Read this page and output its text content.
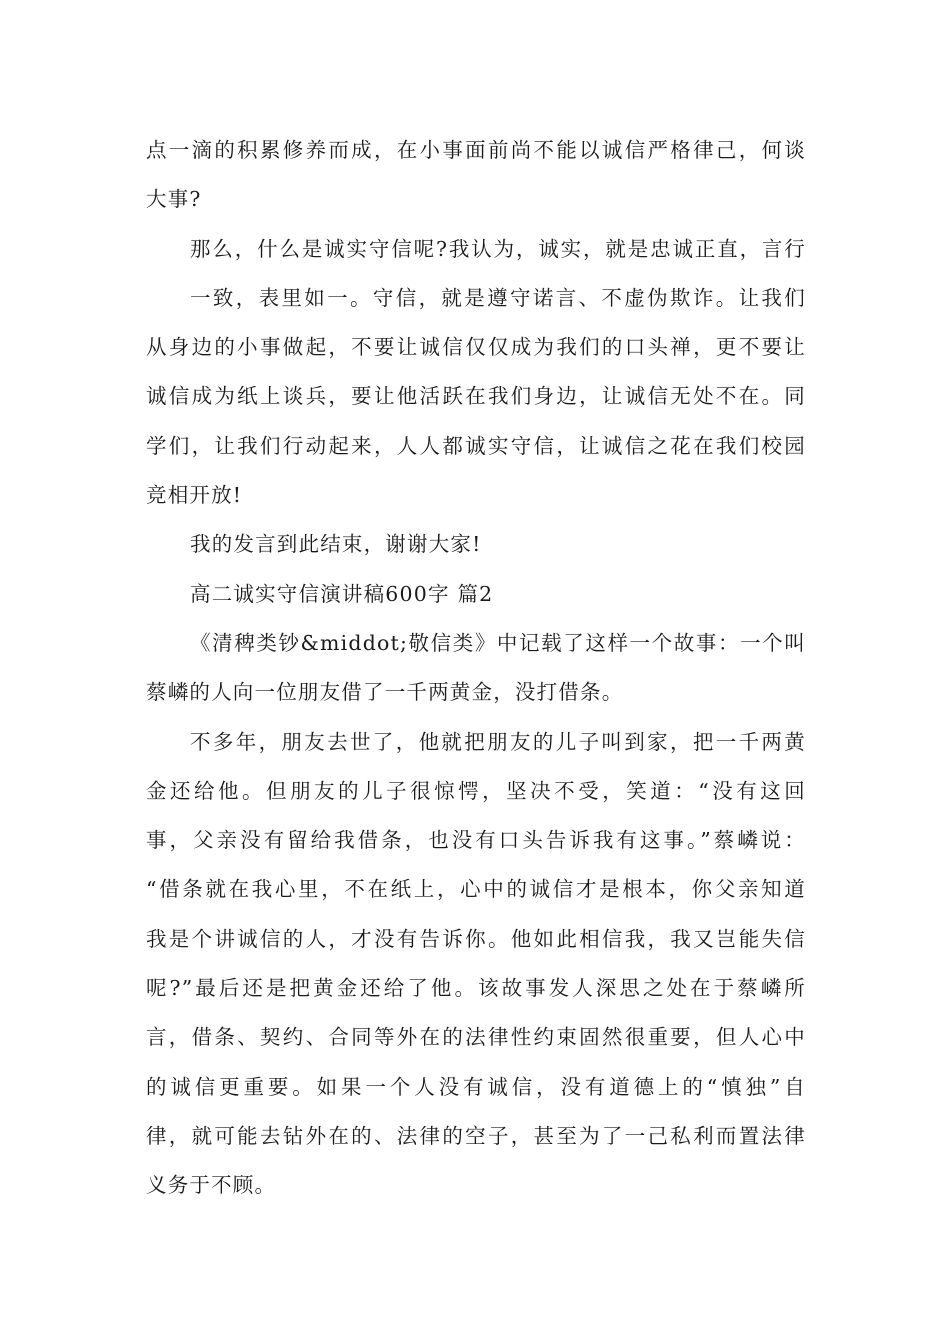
点一滴的积累修养而成，在小事面前尚不能以诚信严格律己，何谈
大事?
那么，什么是诚实守信呢?我认为，诚实，就是忠诚正直，言行
一致，表里如一。守信，就是遵守诺言、不虚伪欺诈。让我们
从身边的小事做起，不要让诚信仅仅成为我们的口头禅，更不要让
诚信成为纸上谈兵，要让他活跃在我们身边，让诚信无处不在。同
学们，让我们行动起来，人人都诚实守信，让诚信之花在我们校园
竞相开放!
我的发言到此结束，谢谢大家!
高二诚实守信演讲稿600字 篇2
《清稗类钞&middot;敬信类》中记载了这样一个故事：一个叫
蔡嶙的人向一位朋友借了一千两黄金，没打借条。
不多年，朋友去世了，他就把朋友的儿子叫到家，把一千两黄
金还给他。但朋友的儿子很惊愕，坚决不受，笑道：“没有这回
事，父亲没有留给我借条，也没有口头告诉我有这事。”蔡嶙说：
“借条就在我心里，不在纸上，心中的诚信才是根本，你父亲知道
我是个讲诚信的人，才没有告诉你。他如此相信我，我又岂能失信
呢?”最后还是把黄金还给了他。该故事发人深思之处在于蔡嶙所
言，借条、契约、合同等外在的法律性约束固然很重要，但人心中
的诚信更重要。如果一个人没有诚信，没有道德上的“慎独”自
律，就可能去钻外在的、法律的空子，甚至为了一己私利而置法律
义务于不顾。
